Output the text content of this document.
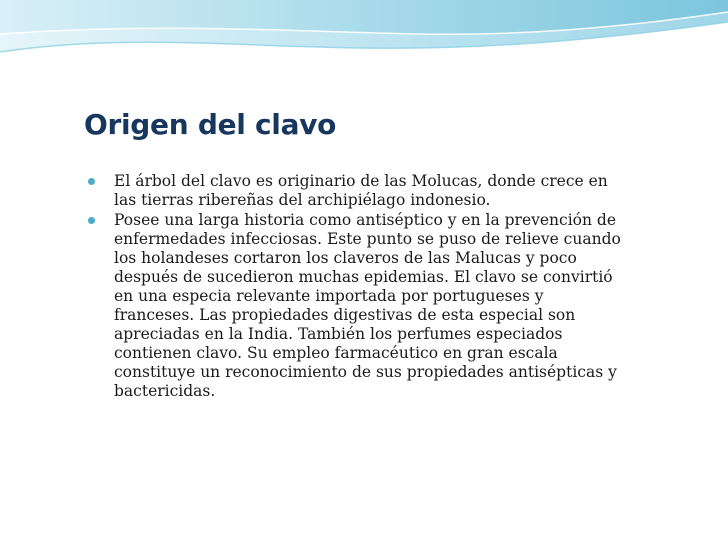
Origen del clavo
El árbol del clavo es originario de las Molucas, donde crece en las tierras ribereñas del archipiélago indonesio.
Posee una larga historia como antiséptico y en la prevención de enfermedades infecciosas. Este punto se puso de relieve cuando los holandeses cortaron los claveros de las Malucas y poco después de sucedieron muchas epidemias. El clavo se convirtió en una especia relevante importada por portugueses y franceses. Las propiedades digestivas de esta especial son apreciadas en la India. También los perfumes especiados contienen clavo. Su empleo farmacéutico en gran escala constituye un reconocimiento de sus propiedades antisépticas y bactericidas.
